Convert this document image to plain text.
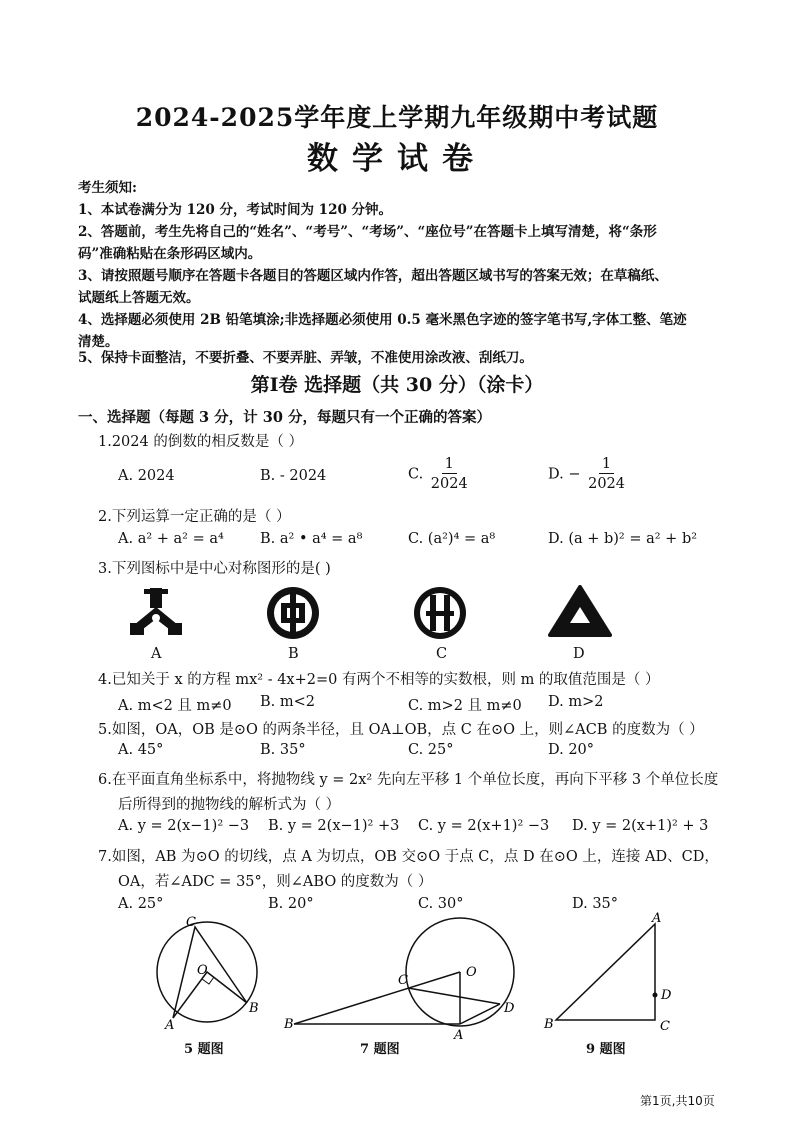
2024-2025学年度上学期九年级期中考试题
数学试卷
考生须知:
1、本试卷满分为 120 分，考试时间为 120 分钟。
2、答题前，考生先将自己的“姓名”、“考号”、“考场”、“座位号”在答题卡上填写清楚，将“条形
码”准确粘贴在条形码区域内。
3、请按照题号顺序在答题卡各题目的答题区域内作答，超出答题区域书写的答案无效；在草稿纸、
试题纸上答题无效。
4、选择题必须使用 2B 铅笔填涂;非选择题必须使用 0.5 毫米黑色字迹的签字笔书写,字体工整、笔迹
清楚。
5、保持卡面整洁，不要折叠、不要弄脏、弄皱，不准使用涂改液、刮纸刀。
第Ⅰ卷 选择题（共 30 分）（涂卡）
一、选择题（每题 3 分，计 30 分，每题只有一个正确的答案）
1.2024 的倒数的相反数是（ ）
A. 2024	B. - 2024	C. $\frac{1}{2024}$	D. − $\frac{1}{2024}$
2.下列运算一定正确的是（ ）
A. a² + a² = a⁴ B. a² • a⁴ = a⁸	C. (a²)⁴ = a⁸	D. (a + b)² = a² + b²
3.下列图标中是中心对称图形的是( )
A	B	C	D
4.已知关于 x 的方程 mx² - 4x+2=0 有两个不相等的实数根，则 m 的取值范围是（ ）
A. m<2 且 m≠0 B. m<2	C. m>2 且 m≠0 D. m>2
5.如图，OA，OB 是⊙O 的两条半径，且 OA⊥OB，点 C 在⊙O 上，则∠ACB 的度数为（ ）
A. 45°	B. 35°	C. 25°	D. 20°
6.在平面直角坐标系中，将抛物线 y = 2x² 先向左平移 1 个单位长度，再向下平移 3 个单位长度
后所得到的抛物线的解析式为（ ）
A. y = 2(x−1)² −3 B. y = 2(x−1)² +3 C. y = 2(x+1)² −3 D. y = 2(x+1)² + 3
7.如图，AB 为⊙O 的切线，点 A 为切点，OB 交⊙O 于点 C，点 D 在⊙O 上，连接 AD、CD，
OA，若∠ADC = 35°，则∠ABO 的度数为（ ）
A. 25°	B. 20°	C. 30°	D. 35°
C
O
B
A
5 题图
C
O
D
B
A
7 题图
A
D
B	C
9 题图
第1页,共10页
